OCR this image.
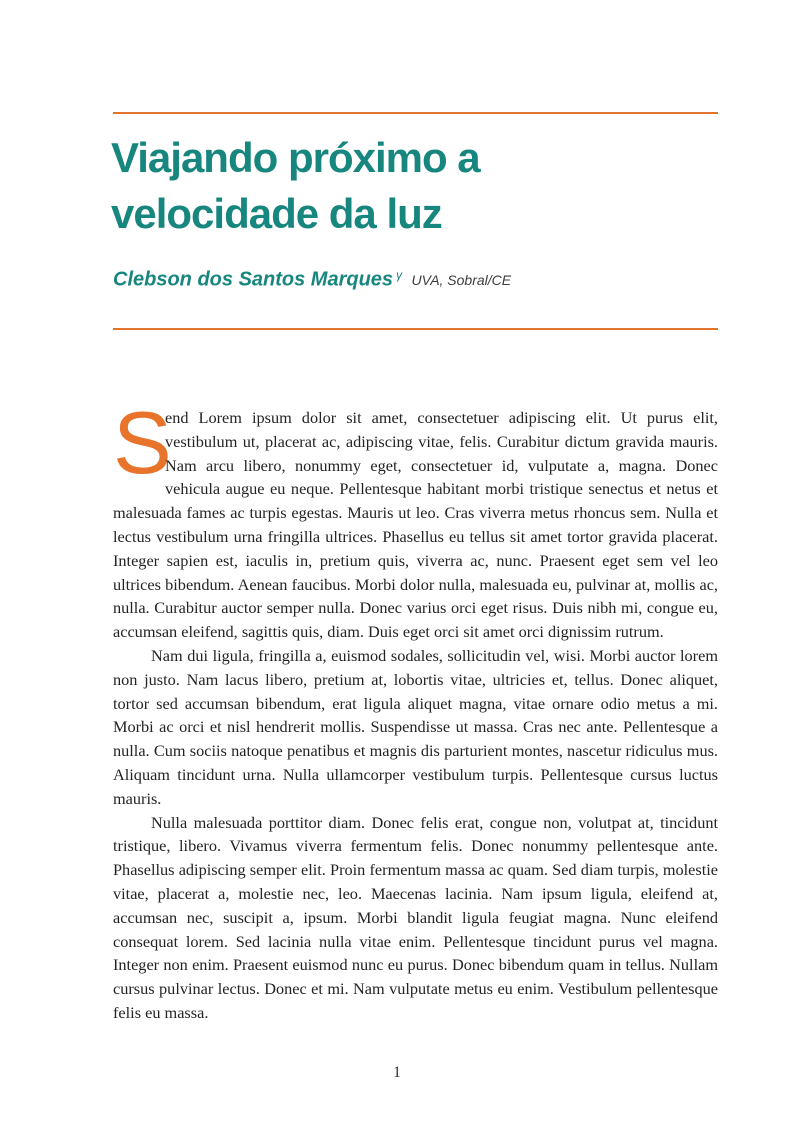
Viajando próximo a velocidade da luz
Clebson dos Santos Marques $^\gamma$ UVA, Sobral/CE

S
end Lorem ipsum dolor sit amet, consectetuer adipiscing elit. Ut purus elit, vestibulum ut, placerat ac, adipiscing vitae, felis. Curabitur dictum gravida mauris. Nam arcu libero, nonummy eget, consectetuer id, vulputate a, magna. Donec vehicula augue eu neque. Pellentesque habitant morbi tristique senectus et netus et malesuada fames ac turpis egestas. Mauris ut leo. Cras viverra metus rhoncus sem. Nulla et lectus vestibulum urna fringilla ultrices. Phasellus eu tellus sit amet tortor gravida placerat. Integer sapien est, iaculis in, pretium quis, viverra ac, nunc. Praesent eget sem vel leo ultrices bibendum. Aenean faucibus. Morbi dolor nulla, malesuada eu, pulvinar at, mollis ac, nulla. Curabitur auctor semper nulla. Donec varius orci eget risus. Duis nibh mi, congue eu, accumsan eleifend, sagittis quis, diam. Duis eget orci sit amet orci dignissim rutrum.

Nam dui ligula, fringilla a, euismod sodales, sollicitudin vel, wisi. Morbi auctor lorem non justo. Nam lacus libero, pretium at, lobortis vitae, ultricies et, tellus. Donec aliquet, tortor sed accumsan bibendum, erat ligula aliquet magna, vitae ornare odio metus a mi. Morbi ac orci et nisl hendrerit mollis. Suspendisse ut massa. Cras nec ante. Pellentesque a nulla. Cum sociis natoque penatibus et magnis dis parturient montes, nascetur ridiculus mus. Aliquam tincidunt urna. Nulla ullamcorper vestibulum turpis. Pellentesque cursus luctus mauris.

Nulla malesuada porttitor diam. Donec felis erat, congue non, volutpat at, tincidunt tristique, libero. Vivamus viverra fermentum felis. Donec nonummy pellentesque ante. Phasellus adipiscing semper elit. Proin fermentum massa ac quam. Sed diam turpis, molestie vitae, placerat a, molestie nec, leo. Maecenas lacinia. Nam ipsum ligula, eleifend at, accumsan nec, suscipit a, ipsum. Morbi blandit ligula feugiat magna. Nunc eleifend consequat lorem. Sed lacinia nulla vitae enim. Pellentesque tincidunt purus vel magna. Integer non enim. Praesent euismod nunc eu purus. Donec bibendum quam in tellus. Nullam cursus pulvinar lectus. Donec et mi. Nam vulputate metus eu enim. Vestibulum pellentesque felis eu massa.

1
